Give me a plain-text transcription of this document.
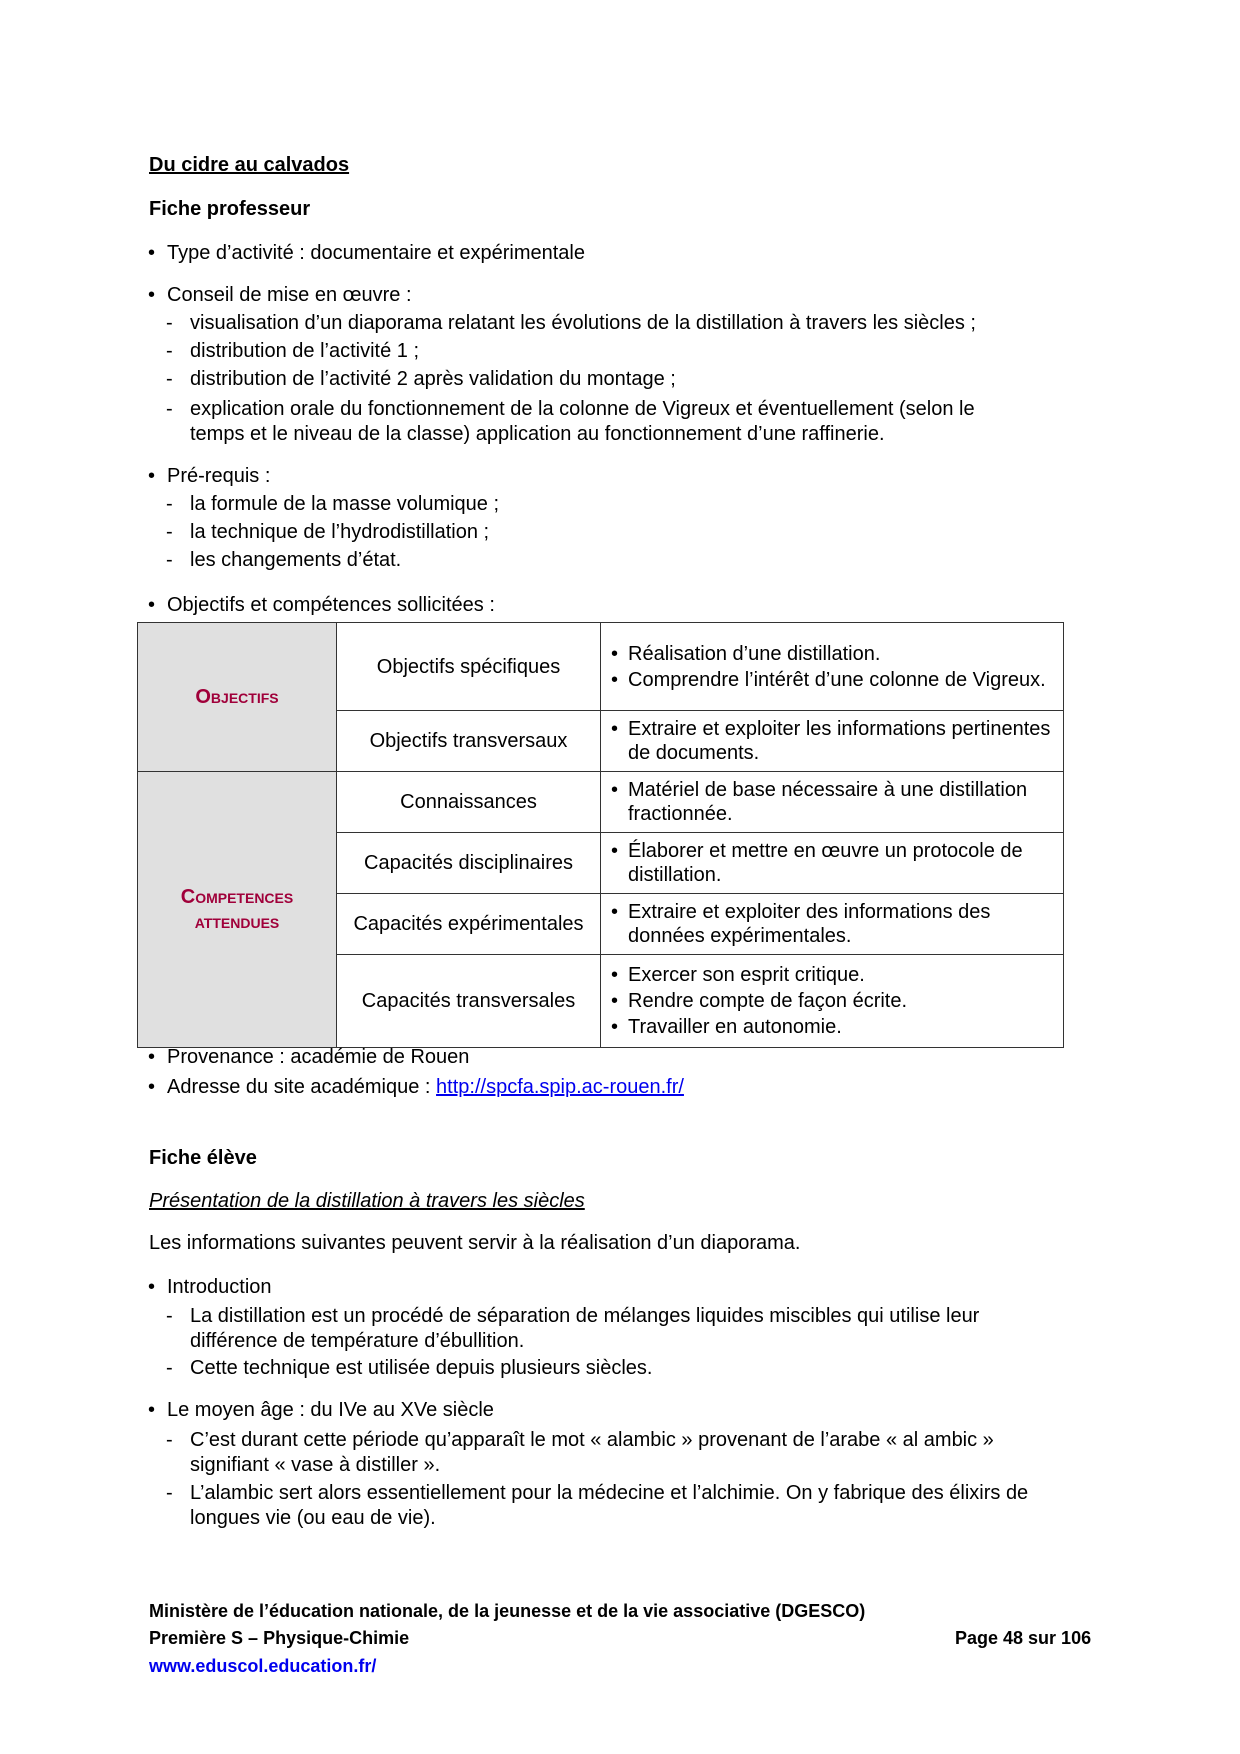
Du cidre au calvados
Fiche professeur
• Type d’activité : documentaire et expérimentale
• Conseil de mise en œuvre :
- visualisation d’un diaporama relatant les évolutions de la distillation à travers les siècles ;
- distribution de l’activité 1 ;
- distribution de l’activité 2 après validation du montage ;
- explication orale du fonctionnement de la colonne de Vigreux et éventuellement (selon le temps et le niveau de la classe) application au fonctionnement d’une raffinerie.
• Pré-requis :
- la formule de la masse volumique ;
- la technique de l’hydrodistillation ;
- les changements d’état.
• Objectifs et compétences sollicitées :
Objectifs	Objectifs spécifiques	• Réalisation d’une distillation.
• Comprendre l’intérêt d’une colonne de Vigreux.

	Objectifs transversaux	• Extraire et exploiter les informations pertinentes de documents.

Competences attendues	Connaissances	• Matériel de base nécessaire à une distillation fractionnée.

	Capacités disciplinaires	• Élaborer et mettre en œuvre un protocole de distillation.

	Capacités expérimentales	• Extraire et exploiter des informations des données expérimentales.

	Capacités transversales	• Exercer son esprit critique.
• Rendre compte de façon écrite.
• Travailler en autonomie.
• Provenance : académie de Rouen
• Adresse du site académique : http://spcfa.spip.ac-rouen.fr/
Fiche élève
Présentation de la distillation à travers les siècles
Les informations suivantes peuvent servir à la réalisation d’un diaporama.
• Introduction
- La distillation est un procédé de séparation de mélanges liquides miscibles qui utilise leur différence de température d’ébullition.
- Cette technique est utilisée depuis plusieurs siècles.
• Le moyen âge : du IVe au XVe siècle
- C’est durant cette période qu’apparaît le mot « alambic » provenant de l’arabe « al ambic » signifiant « vase à distiller ».
- L’alambic sert alors essentiellement pour la médecine et l’alchimie. On y fabrique des élixirs de longues vie (ou eau de vie).
Ministère de l’éducation nationale, de la jeunesse et de la vie associative (DGESCO)
Première S – Physique-Chimie	Page 48 sur 106
www.eduscol.education.fr/
